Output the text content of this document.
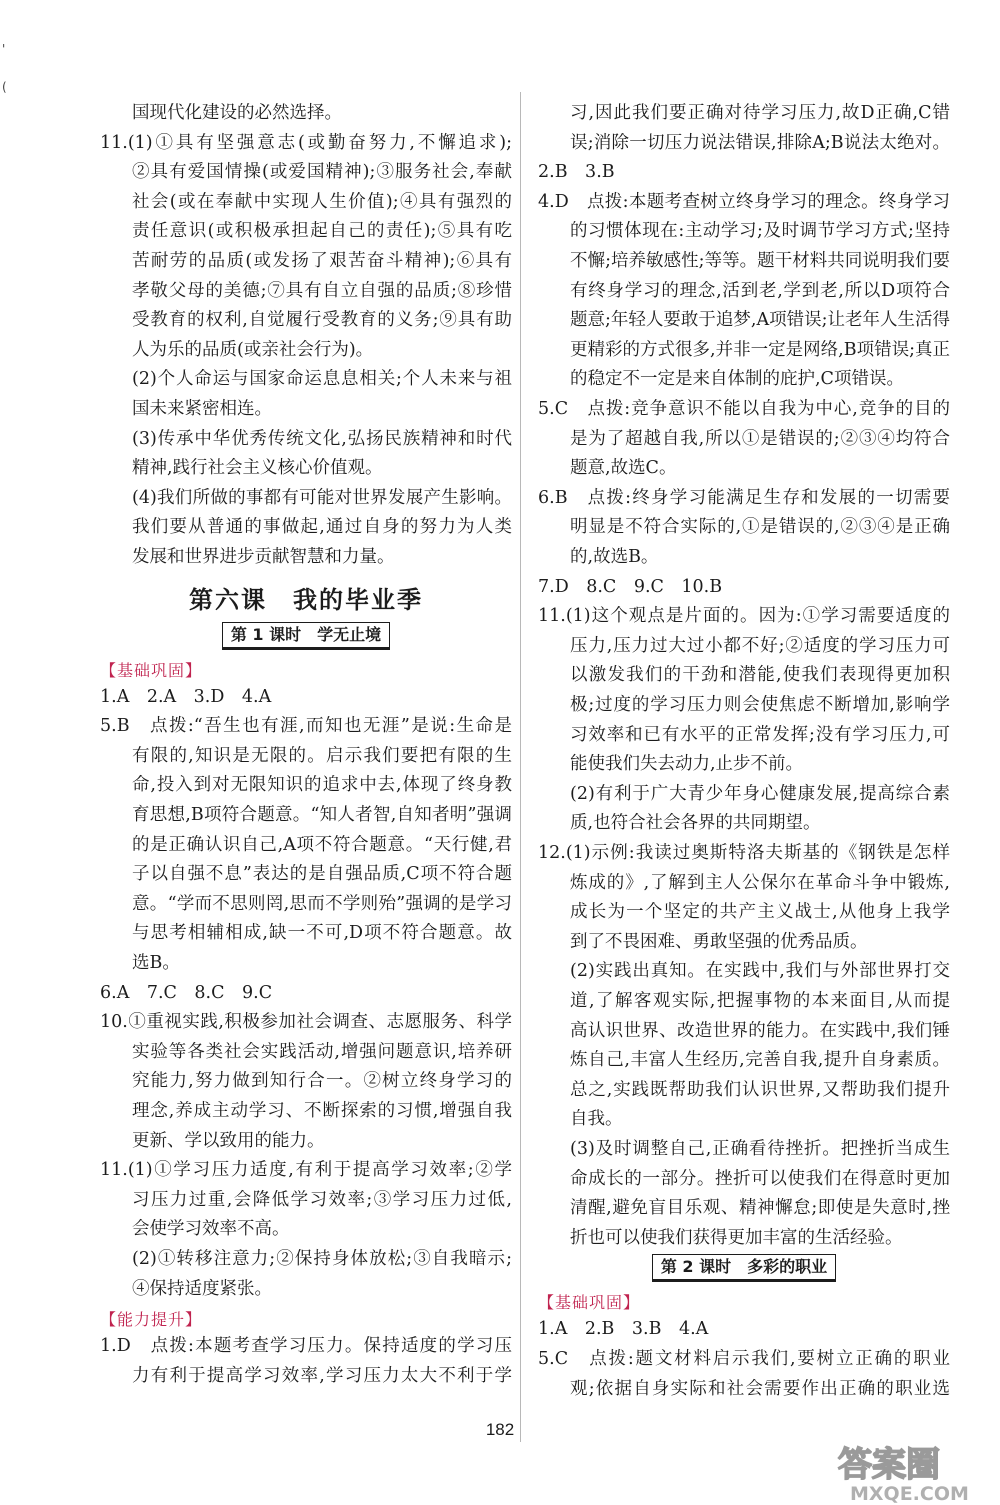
国现代化建设的必然选择。
11.(1)①具有坚强意志(或勤奋努力,不懈追求);
②具有爱国情操(或爱国精神);③服务社会,奉献
社会(或在奉献中实现人生价值);④具有强烈的
责任意识(或积极承担起自己的责任);⑤具有吃
苦耐劳的品质(或发扬了艰苦奋斗精神);⑥具有
孝敬父母的美德;⑦具有自立自强的品质;⑧珍惜
受教育的权利,自觉履行受教育的义务;⑨具有助
人为乐的品质(或亲社会行为)。
(2)个人命运与国家命运息息相关;个人未来与祖
国未来紧密相连。
(3)传承中华优秀传统文化,弘扬民族精神和时代
精神,践行社会主义核心价值观。
(4)我们所做的事都有可能对世界发展产生影响。
我们要从普通的事做起,通过自身的努力为人类
发展和世界进步贡献智慧和力量。
第六课　我的毕业季
第 1 课时　学无止境
【基础巩固】
1.A　2.A　3.D　4.A
5.B　点拨:“吾生也有涯,而知也无涯”是说:生命是
有限的,知识是无限的。启示我们要把有限的生
命,投入到对无限知识的追求中去,体现了终身教
育思想,B项符合题意。“知人者智,自知者明”强调
的是正确认识自己,A项不符合题意。“天行健,君
子以自强不息”表达的是自强品质,C项不符合题
意。“学而不思则罔,思而不学则殆”强调的是学习
与思考相辅相成,缺一不可,D项不符合题意。故
选B。
6.A　7.C　8.C　9.C
10.①重视实践,积极参加社会调查、志愿服务、科学
实验等各类社会实践活动,增强问题意识,培养研
究能力,努力做到知行合一。②树立终身学习的
理念,养成主动学习、不断探索的习惯,增强自我
更新、学以致用的能力。
11.(1)①学习压力适度,有利于提高学习效率;②学
习压力过重,会降低学习效率;③学习压力过低,
会使学习效率不高。
(2)①转移注意力;②保持身体放松;③自我暗示;
④保持适度紧张。
【能力提升】
1.D　点拨:本题考查学习压力。保持适度的学习压
力有利于提高学习效率,学习压力太大不利于学
习,因此我们要正确对待学习压力,故D正确,C错
误;消除一切压力说法错误,排除A;B说法太绝对。
2.B　3.B
4.D　点拨:本题考查树立终身学习的理念。终身学习
的习惯体现在:主动学习;及时调节学习方式;坚持
不懈;培养敏感性;等等。题干材料共同说明我们要
有终身学习的理念,活到老,学到老,所以D项符合
题意;年轻人要敢于追梦,A项错误;让老年人生活得
更精彩的方式很多,并非一定是网络,B项错误;真正
的稳定不一定是来自体制的庇护,C项错误。
5.C　点拨:竞争意识不能以自我为中心,竞争的目的
是为了超越自我,所以①是错误的;②③④均符合
题意,故选C。
6.B　点拨:终身学习能满足生存和发展的一切需要
明显是不符合实际的,①是错误的,②③④是正确
的,故选B。
7.D　8.C　9.C　10.B
11.(1)这个观点是片面的。因为:①学习需要适度的
压力,压力过大过小都不好;②适度的学习压力可
以激发我们的干劲和潜能,使我们表现得更加积
极;过度的学习压力则会使焦虑不断增加,影响学
习效率和已有水平的正常发挥;没有学习压力,可
能使我们失去动力,止步不前。
(2)有利于广大青少年身心健康发展,提高综合素
质,也符合社会各界的共同期望。
12.(1)示例:我读过奥斯特洛夫斯基的《钢铁是怎样
炼成的》,了解到主人公保尔在革命斗争中锻炼,
成长为一个坚定的共产主义战士,从他身上我学
到了不畏困难、勇敢坚强的优秀品质。
(2)实践出真知。在实践中,我们与外部世界打交
道,了解客观实际,把握事物的本来面目,从而提
高认识世界、改造世界的能力。在实践中,我们锤
炼自己,丰富人生经历,完善自我,提升自身素质。
总之,实践既帮助我们认识世界,又帮助我们提升
自我。
(3)及时调整自己,正确看待挫折。把挫折当成生
命成长的一部分。挫折可以使我们在得意时更加
清醒,避免盲目乐观、精神懈怠;即使是失意时,挫
折也可以使我们获得更加丰富的生活经验。
第 2 课时　多彩的职业
【基础巩固】
1.A　2.B　3.B　4.A
5.C　点拨:题文材料启示我们,要树立正确的职业
观;依据自身实际和社会需要作出正确的职业选
'
(
182
答案圈
MXQE.COM
